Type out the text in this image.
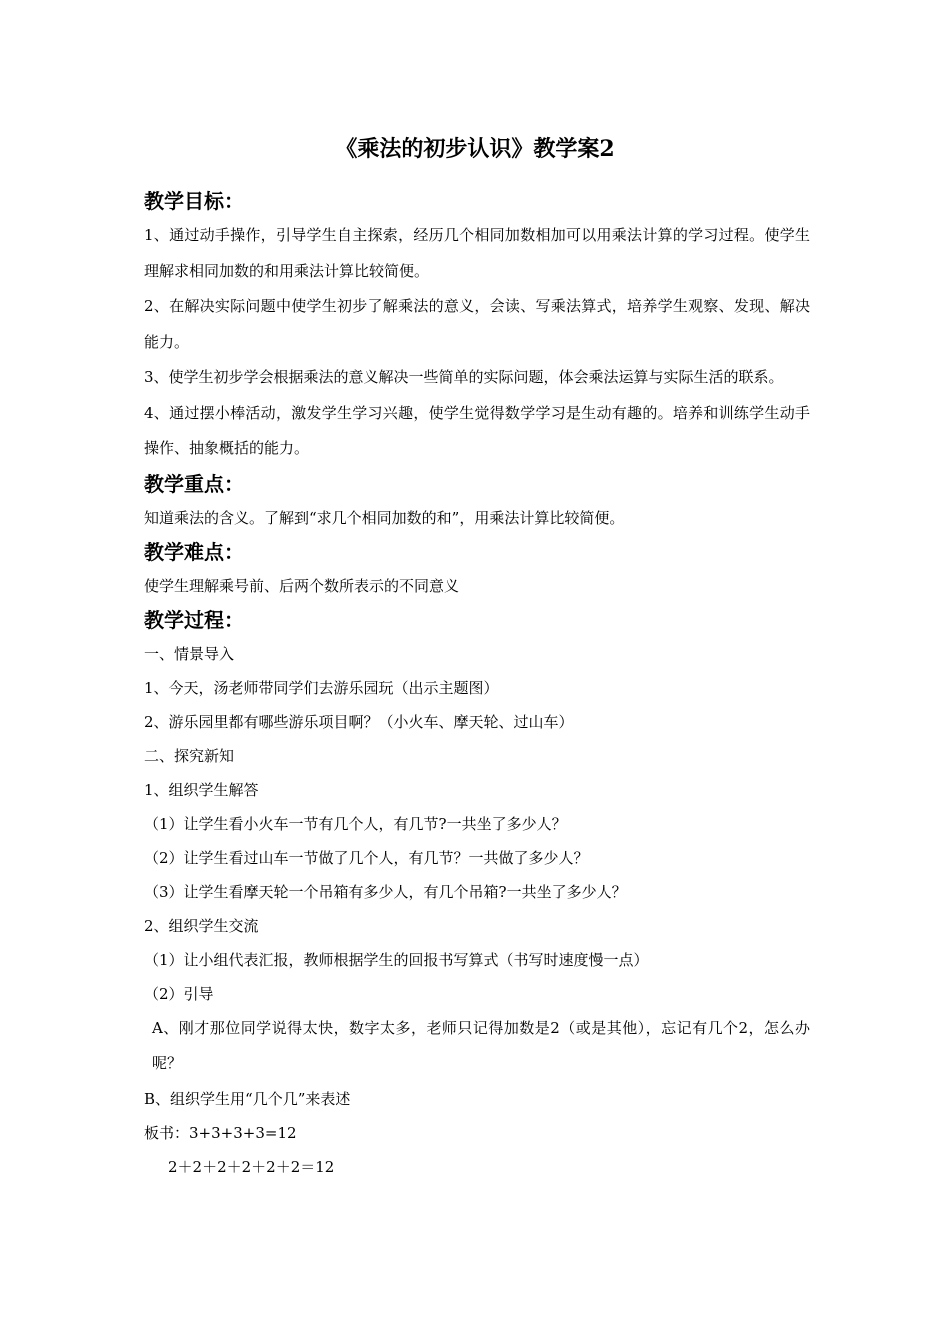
《乘法的初步认识》教学案2
教学目标：

1、通过动手操作，引导学生自主探索，经历几个相同加数相加可以用乘法计算的学习过程。使学生理解求相同加数的和用乘法计算比较简便。

2、在解决实际问题中使学生初步了解乘法的意义，会读、写乘法算式，培养学生观察、发现、解决能力。

3、使学生初步学会根据乘法的意义解决一些简单的实际问题，体会乘法运算与实际生活的联系。

4、通过摆小棒活动，激发学生学习兴趣，使学生觉得数学学习是生动有趣的。培养和训练学生动手操作、抽象概括的能力。

教学重点：

知道乘法的含义。了解到“求几个相同加数的和”，用乘法计算比较简便。

教学难点：

使学生理解乘号前、后两个数所表示的不同意义

教学过程：

一、情景导入

1、今天，汤老师带同学们去游乐园玩（出示主题图）

2、游乐园里都有哪些游乐项目啊？（小火车、摩天轮、过山车）

二、探究新知

1、组织学生解答

（1）让学生看小火车一节有几个人，有几节?一共坐了多少人？

（2）让学生看过山车一节做了几个人，有几节？一共做了多少人？

（3）让学生看摩天轮一个吊箱有多少人，有几个吊箱?一共坐了多少人？

2、组织学生交流

（1）让小组代表汇报，教师根据学生的回报书写算式（书写时速度慢一点）

（2）引导

A、刚才那位同学说得太快，数字太多，老师只记得加数是2（或是其他），忘记有几个2，怎么办呢？

B、组织学生用“几个几”来表述

板书：3+3+3+3=12

2＋2＋2＋2＋2＋2＝12
